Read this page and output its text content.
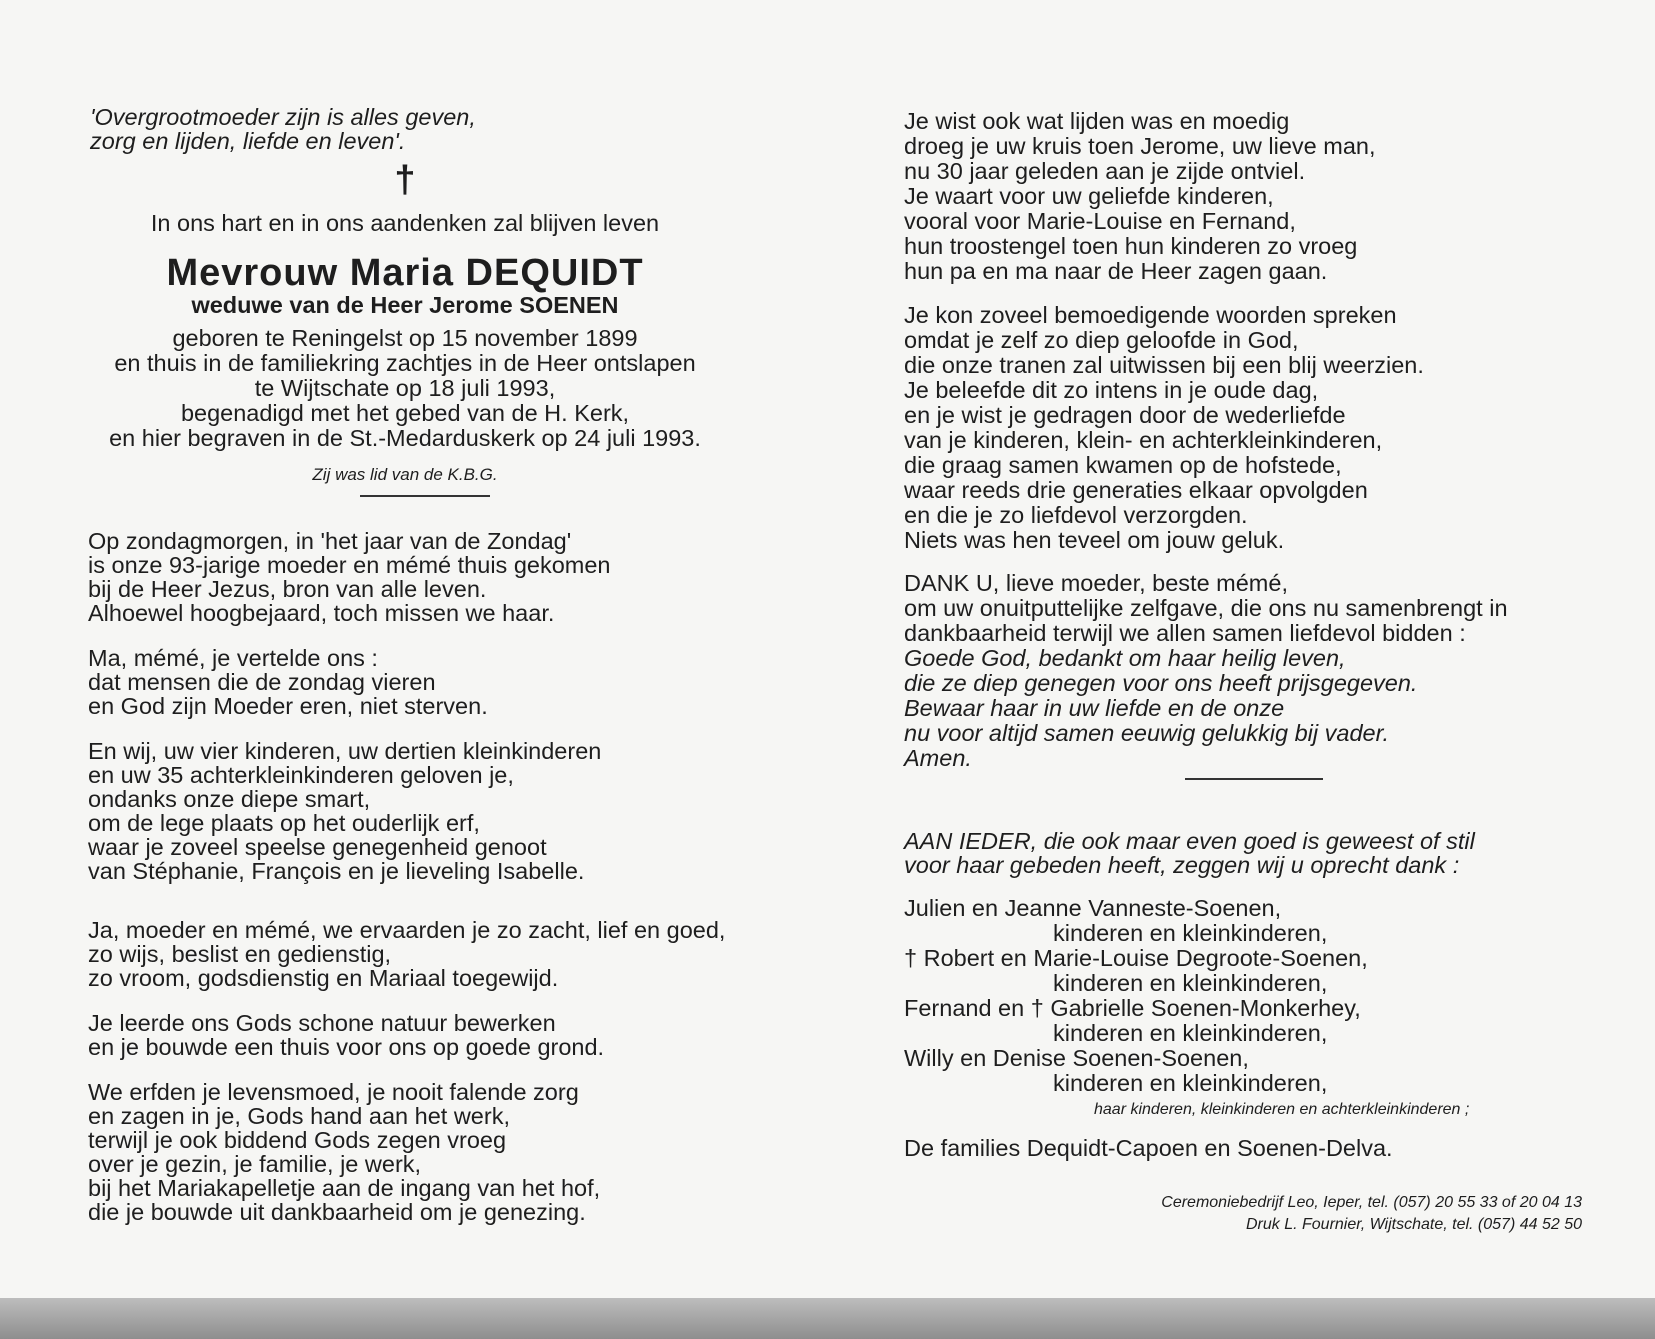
'Overgrootmoeder zijn is alles geven,
zorg en lijden, liefde en leven'.
†
In ons hart en in ons aandenken zal blijven leven
Mevrouw Maria DEQUIDT
weduwe van de Heer Jerome SOENEN
geboren te Reningelst op 15 november 1899
en thuis in de familiekring zachtjes in de Heer ontslapen
te Wijtschate op 18 juli 1993,
begenadigd met het gebed van de H. Kerk,
en hier begraven in de St.-Medarduskerk op 24 juli 1993.
Zij was lid van de K.B.G.
Op zondagmorgen, in 'het jaar van de Zondag'
is onze 93-jarige moeder en mémé thuis gekomen
bij de Heer Jezus, bron van alle leven.
Alhoewel hoogbejaard, toch missen we haar.
Ma, mémé, je vertelde ons :
dat mensen die de zondag vieren
en God zijn Moeder eren, niet sterven.
En wij, uw vier kinderen, uw dertien kleinkinderen
en uw 35 achterkleinkinderen geloven je,
ondanks onze diepe smart,
om de lege plaats op het ouderlijk erf,
waar je zoveel speelse genegenheid genoot
van Stéphanie, François en je lieveling Isabelle.
Ja, moeder en mémé, we ervaarden je zo zacht, lief en goed,
zo wijs, beslist en gedienstig,
zo vroom, godsdienstig en Mariaal toegewijd.
Je leerde ons Gods schone natuur bewerken
en je bouwde een thuis voor ons op goede grond.
We erfden je levensmoed, je nooit falende zorg
en zagen in je, Gods hand aan het werk,
terwijl je ook biddend Gods zegen vroeg
over je gezin, je familie, je werk,
bij het Mariakapelletje aan de ingang van het hof,
die je bouwde uit dankbaarheid om je genezing.
Je wist ook wat lijden was en moedig
droeg je uw kruis toen Jerome, uw lieve man,
nu 30 jaar geleden aan je zijde ontviel.
Je waart voor uw geliefde kinderen,
vooral voor Marie-Louise en Fernand,
hun troostengel toen hun kinderen zo vroeg
hun pa en ma naar de Heer zagen gaan.
Je kon zoveel bemoedigende woorden spreken
omdat je zelf zo diep geloofde in God,
die onze tranen zal uitwissen bij een blij weerzien.
Je beleefde dit zo intens in je oude dag,
en je wist je gedragen door de wederliefde
van je kinderen, klein- en achterkleinkinderen,
die graag samen kwamen op de hofstede,
waar reeds drie generaties elkaar opvolgden
en die je zo liefdevol verzorgden.
Niets was hen teveel om jouw geluk.
DANK U, lieve moeder, beste mémé,
om uw onuitputtelijke zelfgave, die ons nu samenbrengt in
dankbaarheid terwijl we allen samen liefdevol bidden :
Goede God, bedankt om haar heilig leven,
die ze diep genegen voor ons heeft prijsgegeven.
Bewaar haar in uw liefde en de onze
nu voor altijd samen eeuwig gelukkig bij vader.
Amen.
AAN IEDER, die ook maar even goed is geweest of stil
voor haar gebeden heeft, zeggen wij u oprecht dank :
Julien en Jeanne Vanneste-Soenen,
kinderen en kleinkinderen,
† Robert en Marie-Louise Degroote-Soenen,
kinderen en kleinkinderen,
Fernand en † Gabrielle Soenen-Monkerhey,
kinderen en kleinkinderen,
Willy en Denise Soenen-Soenen,
kinderen en kleinkinderen,
haar kinderen, kleinkinderen en achterkleinkinderen ;
De families Dequidt-Capoen en Soenen-Delva.
Ceremoniebedrijf Leo, Ieper, tel. (057) 20 55 33 of 20 04 13
Druk L. Fournier, Wijtschate, tel. (057) 44 52 50
